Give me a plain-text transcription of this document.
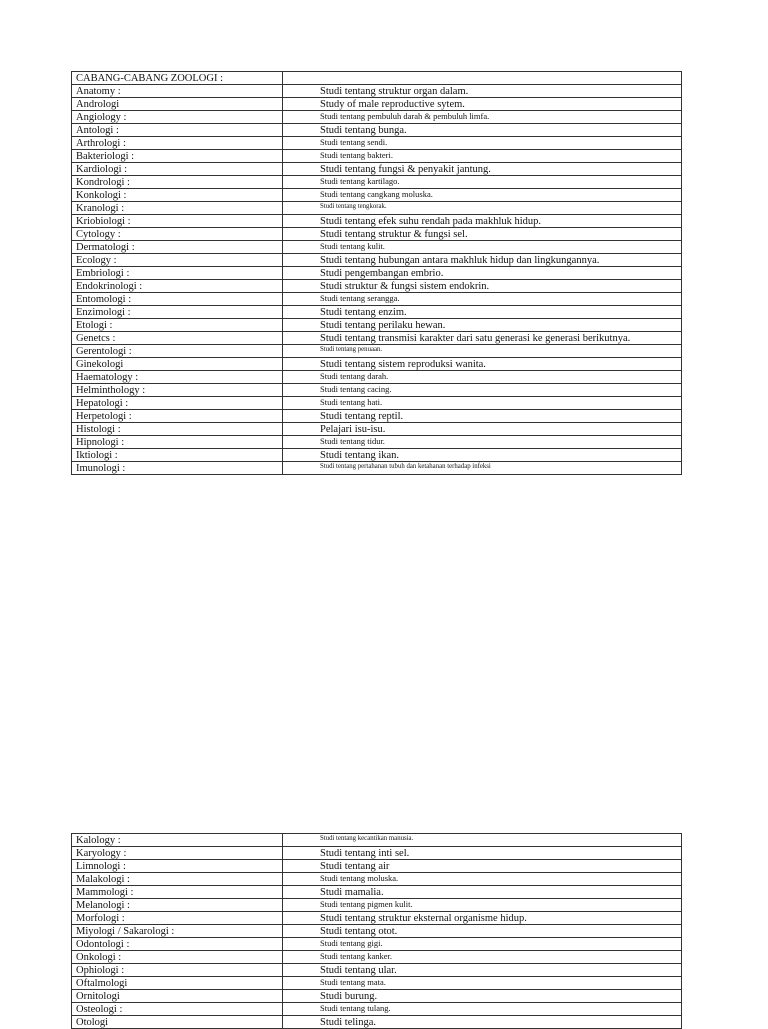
CABANG-CABANG ZOOLOGI :	
Anatomy :	Studi tentang struktur organ dalam.
Andrologi	Study of male reproductive sytem.
Angiology :	Studi tentang pembuluh darah & pembuluh limfa.
Antologi :	Studi tentang bunga.
Arthrologi :	Studi tentang sendi.
Bakteriologi :	Studi tentang bakteri.
Kardiologi :	Studi tentang fungsi & penyakit jantung.
Kondrologi :	Studi tentang kartilago.
Konkologi :	Studi tentang cangkang moluska.
Kranologi :	Studi tentang tengkorak.
Kriobiologi :	Studi tentang efek suhu rendah pada makhluk hidup.
Cytology :	Studi tentang struktur & fungsi sel.
Dermatologi :	Studi tentang kulit.
Ecology :	Studi tentang hubungan antara makhluk hidup dan lingkungannya.
Embriologi :	Studi pengembangan embrio.
Endokrinologi :	Studi struktur & fungsi sistem endokrin.
Entomologi :	Studi tentang serangga.
Enzimologi :	Studi tentang enzim.
Etologi :	Studi tentang perilaku hewan.
Genetcs :	Studi tentang transmisi karakter dari satu generasi ke generasi berikutnya.
Gerentologi :	Studi tentang penuaan.
Ginekologi	Studi tentang sistem reproduksi wanita.
Haematology :	Studi tentang darah.
Helminthology :	Studi tentang cacing.
Hepatologi :	Studi tentang hati.
Herpetologi :	Studi tentang reptil.
Histologi :	Pelajari isu-isu.
Hipnologi :	Studi tentang tidur.
Iktiologi :	Studi tentang ikan.
Imunologi :	Studi tentang pertahanan tubuh dan ketahanan terhadap infeksi
Kalology :	Studi tentang kecantikan manusia.
Karyology :	Studi tentang inti sel.
Limnologi :	Studi tentang air
Malakologi :	Studi tentang moluska.
Mammologi :	Studi mamalia.
Melanologi :	Studi tentang pigmen kulit.
Morfologi :	Studi tentang struktur eksternal organisme hidup.
Miyologi / Sakarologi :	Studi tentang otot.
Odontologi :	Studi tentang gigi.
Onkologi :	Studi tentang kanker.
Ophiologi :	Studi tentang ular.
Oftalmologi	Studi tentang mata.
Ornitologi	Studi burung.
Osteologi :	Studi tentang tulang.
Otologi	Studi telinga.
